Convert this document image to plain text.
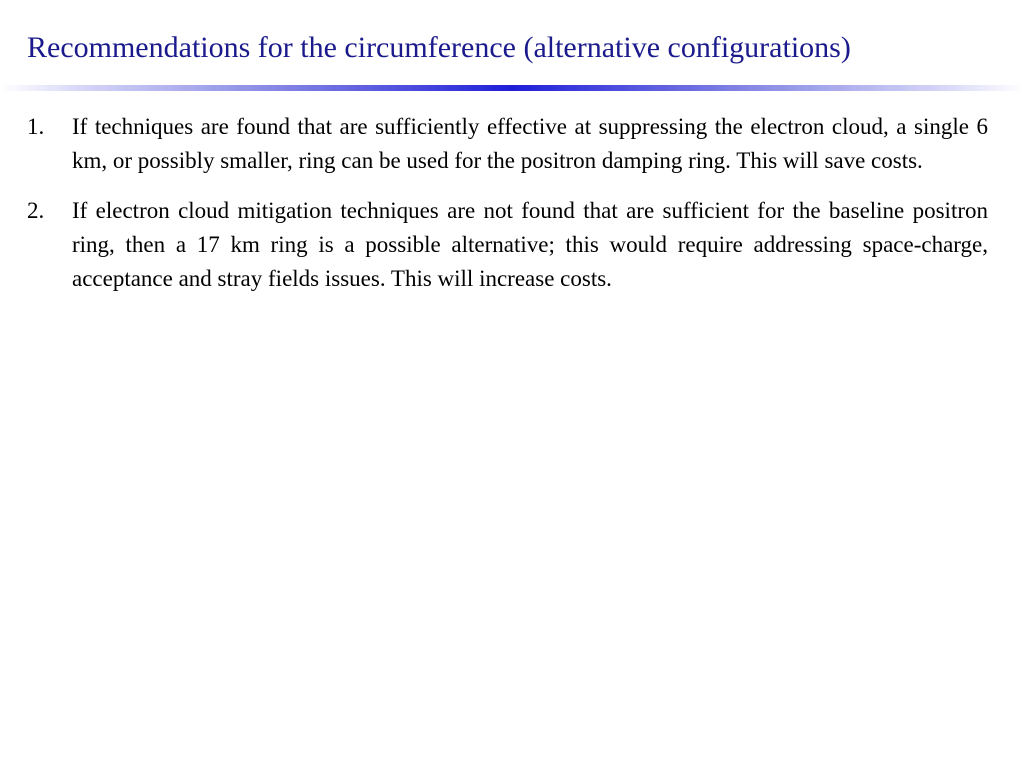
Recommendations for the circumference (alternative configurations)
1.	If techniques are found that are sufficiently effective at suppressing the electron cloud, a single 6 km, or possibly smaller, ring can be used for the positron damping ring. This will save costs.
2.	If electron cloud mitigation techniques are not found that are sufficient for the baseline positron ring, then a 17 km ring is a possible alternative; this would require addressing space-charge, acceptance and stray fields issues. This will increase costs.
